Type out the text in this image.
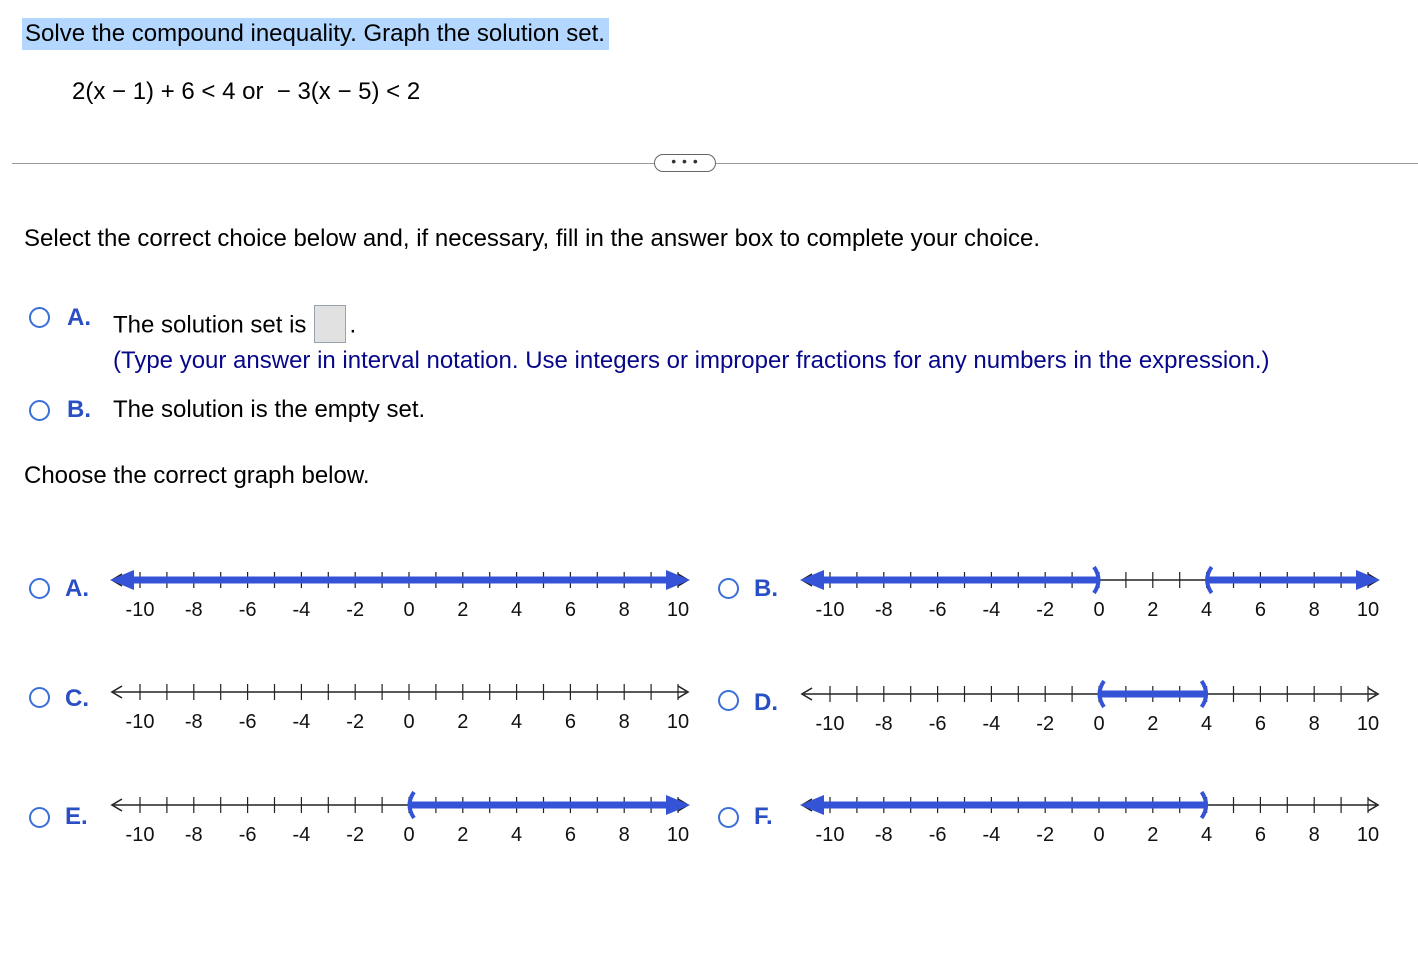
Solve the compound inequality. Graph the solution set.
2(x − 1) + 6 < 4 or  − 3(x − 5) < 2
• • •
Select the correct choice below and, if necessary, fill in the answer box to complete your choice.
A. The solution set is .
(Type your answer in interval notation. Use integers or improper fractions for any numbers in the expression.)
B. The solution is the empty set.
Choose the correct graph below.
A.
-10 -8 -6 -4 -2 0 2 4 6 8 10
B.
-10 -8 -6 -4 -2 0 2 4 6 8 10
C.
-10 -8 -6 -4 -2 0 2 4 6 8 10
D.
-10 -8 -6 -4 -2 0 2 4 6 8 10
E.
-10 -8 -6 -4 -2 0 2 4 6 8 10
F.
-10 -8 -6 -4 -2 0 2 4 6 8 10
